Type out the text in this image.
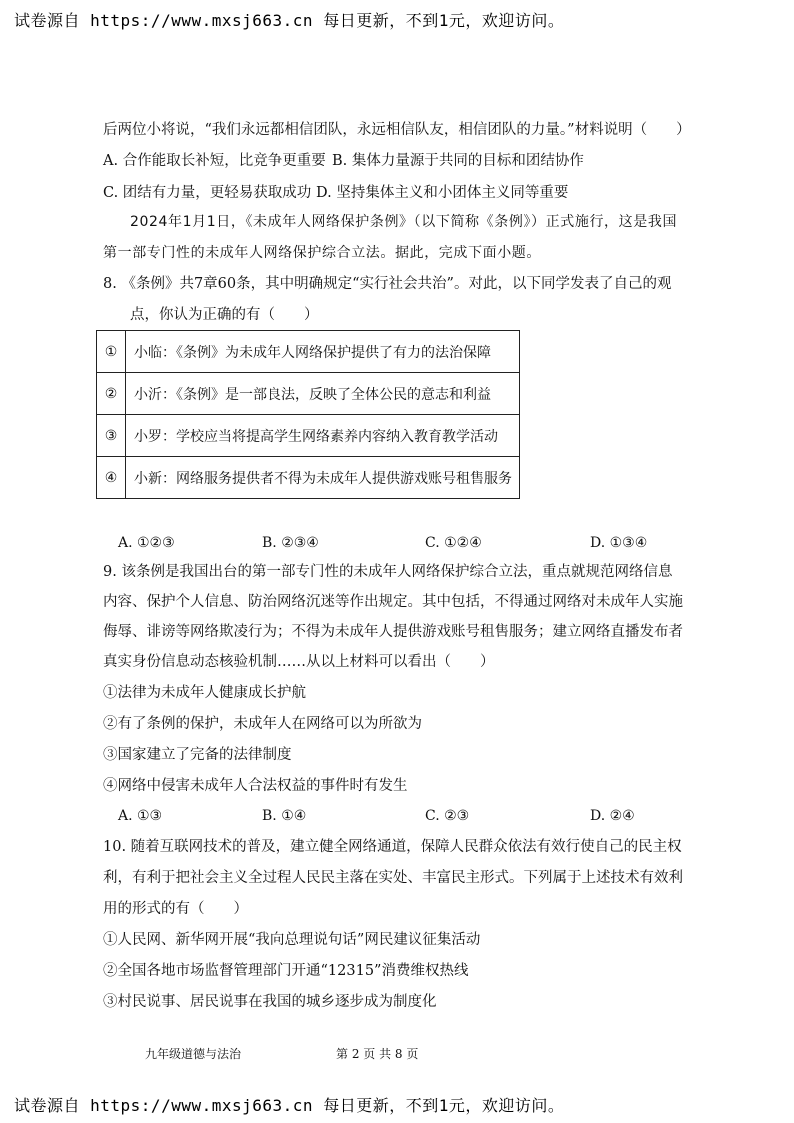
试卷源自 https://www.mxsj663.cn 每日更新，不到1元，欢迎访问。
后两位小将说，“我们永远都相信团队，永远相信队友，相信团队的力量。”材料说明（　　）
A. 合作能取长补短，比竞争更重要 B. 集体力量源于共同的目标和团结协作
C. 团结有力量，更轻易获取成功 D. 坚持集体主义和小团体主义同等重要
2024年1月1日，《未成年人网络保护条例》（以下简称《条例》）正式施行，这是我国
第一部专门性的未成年人网络保护综合立法。据此，完成下面小题。
8. 《条例》共7章60条，其中明确规定“实行社会共治”。对此，以下同学发表了自己的观
点，你认为正确的有（　　）
①	小临：《条例》为未成年人网络保护提供了有力的法治保障
②	小沂：《条例》是一部良法，反映了全体公民的意志和利益
③	小罗：学校应当将提高学生网络素养内容纳入教育教学活动
④	小新：网络服务提供者不得为未成年人提供游戏账号租售服务
A. ①②③	B. ②③④	C. ①②④	D. ①③④
9. 该条例是我国出台的第一部专门性的未成年人网络保护综合立法，重点就规范网络信息
内容、保护个人信息、防治网络沉迷等作出规定。其中包括，不得通过网络对未成年人实施
侮辱、诽谤等网络欺凌行为；不得为未成年人提供游戏账号租售服务；建立网络直播发布者
真实身份信息动态核验机制……从以上材料可以看出（　　）
①法律为未成年人健康成长护航
②有了条例的保护，未成年人在网络可以为所欲为
③国家建立了完备的法律制度
④网络中侵害未成年人合法权益的事件时有发生
A. ①③	B. ①④	C. ②③	D. ②④
10. 随着互联网技术的普及，建立健全网络通道，保障人民群众依法有效行使自己的民主权
利，有利于把社会主义全过程人民民主落在实处、丰富民主形式。下列属于上述技术有效利
用的形式的有（　　）
①人民网、新华网开展“我向总理说句话”网民建议征集活动
②全国各地市场监督管理部门开通“12315”消费维权热线
③村民说事、居民说事在我国的城乡逐步成为制度化
九年级道德与法治	第 2 页 共 8 页
试卷源自 https://www.mxsj663.cn 每日更新，不到1元，欢迎访问。
